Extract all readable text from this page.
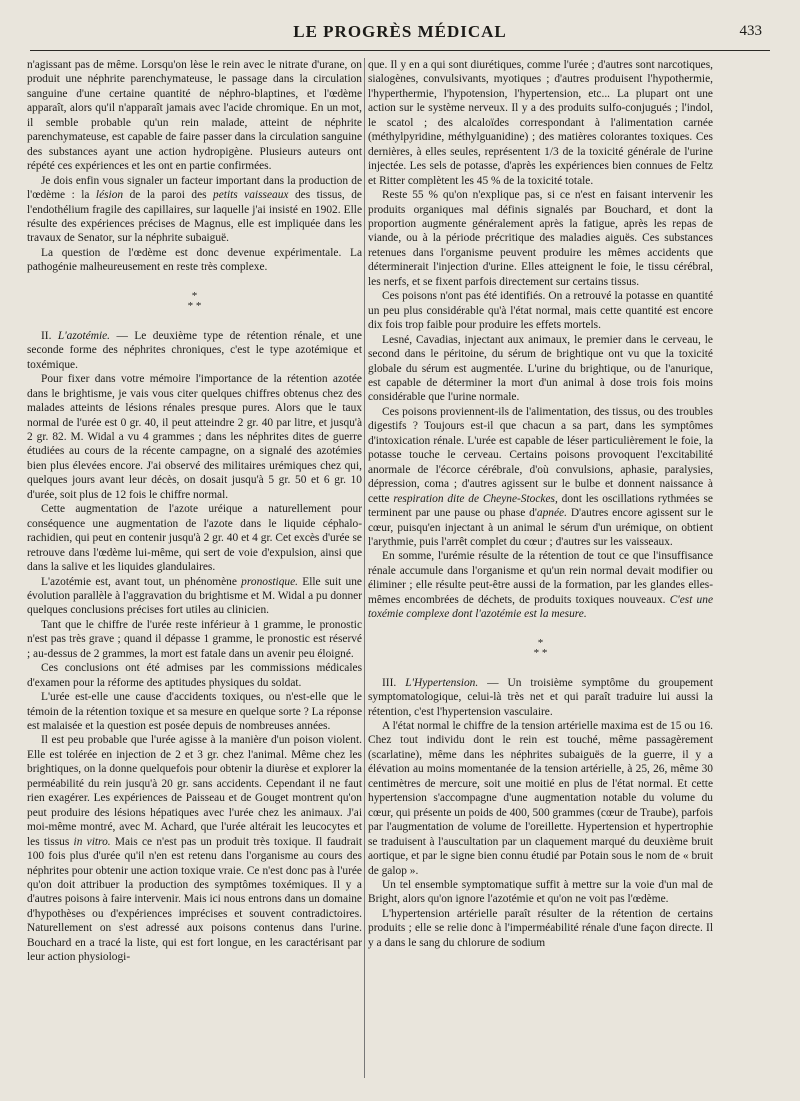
LE PROGRÈS MÉDICAL	433

n'agissant pas de même. Lorsqu'on lèse le rein avec le nitrate d'urane, on produit une néphrite parenchymateuse, le passage dans la circulation sanguine d'une certaine quantité de néphro-blaptines, et l'œdème apparaît, alors qu'il n'apparaît jamais avec l'acide chromique. En un mot, il semble probable qu'un rein malade, atteint de néphrite parenchymateuse, est capable de faire passer dans la circulation sanguine des substances ayant une action hydropigène. Plusieurs auteurs ont répété ces expériences et les ont en partie confirmées.

Je dois enfin vous signaler un facteur important dans la production de l'œdème : la lésion de la paroi des petits vaisseaux des tissus, de l'endothélium fragile des capillaires, sur laquelle j'ai insisté en 1902. Elle résulte des expériences précises de Magnus, elle est impliquée dans les travaux de Senator, sur la néphrite subaiguë.

La question de l'œdème est donc devenue expérimentale. La pathogénie malheureusement en reste très complexe.

*
* *

II. L'azotémie. — Le deuxième type de rétention rénale, et une seconde forme des néphrites chroniques, c'est le type azotémique et toxémique.

Pour fixer dans votre mémoire l'importance de la rétention azotée dans le brightisme, je vais vous citer quelques chiffres obtenus chez des malades atteints de lésions rénales presque pures. Alors que le taux normal de l'urée est 0 gr. 40, il peut atteindre 2 gr. 40 par litre, et jusqu'à 2 gr. 82. M. Widal a vu 4 grammes ; dans les néphrites dites de guerre étudiées au cours de la récente campagne, on a signalé des azotémies bien plus élevées encore. J'ai observé des militaires urémiques chez qui, quelques jours avant leur décès, on dosait jusqu'à 5 gr. 50 et 6 gr. 10 d'urée, soit plus de 12 fois le chiffre normal.

Cette augmentation de l'azote uréique a naturellement pour conséquence une augmentation de l'azote dans le liquide céphalo-rachidien, qui peut en contenir jusqu'à 2 gr. 40 et 4 gr. Cet excès d'urée se retrouve dans l'œdème lui-même, qui sert de voie d'expulsion, ainsi que dans la salive et les liquides glandulaires.

L'azotémie est, avant tout, un phénomène pronostique. Elle suit une évolution parallèle à l'aggravation du brightisme et M. Widal a pu donner quelques conclusions précises fort utiles au clinicien.

Tant que le chiffre de l'urée reste inférieur à 1 gramme, le pronostic n'est pas très grave ; quand il dépasse 1 gramme, le pronostic est réservé ; au-dessus de 2 grammes, la mort est fatale dans un avenir peu éloigné.

Ces conclusions ont été admises par les commissions médicales d'examen pour la réforme des aptitudes physiques du soldat.

L'urée est-elle une cause d'accidents toxiques, ou n'est-elle que le témoin de la rétention toxique et sa mesure en quelque sorte ? La réponse est malaisée et la question est posée depuis de nombreuses années.

Il est peu probable que l'urée agisse à la manière d'un poison violent. Elle est tolérée en injection de 2 et 3 gr. chez l'animal. Même chez les brightiques, on la donne quelquefois pour obtenir la diurèse et explorer la perméabilité du rein jusqu'à 20 gr. sans accidents. Cependant il ne faut rien exagérer. Les expériences de Paisseau et de Gouget montrent qu'on peut produire des lésions hépatiques avec l'urée chez les animaux. J'ai moi-même montré, avec M. Achard, que l'urée altérait les leucocytes et les tissus in vitro. Mais ce n'est pas un produit très toxique. Il faudrait 100 fois plus d'urée qu'il n'en est retenu dans l'organisme au cours des néphrites pour obtenir une action toxique vraie. Ce n'est donc pas à l'urée qu'on doit attribuer la production des symptômes toxémiques. Il y a d'autres poisons à faire intervenir. Mais ici nous entrons dans un domaine d'hypothèses ou d'expériences imprécises et souvent contradictoires. Naturellement on s'est adressé aux poisons contenus dans l'urine. Bouchard en a tracé la liste, qui est fort longue, en les caractérisant par leur action physiologi-

que. Il y en a qui sont diurétiques, comme l'urée ; d'autres sont narcotiques, sialogènes, convulsivants, myotiques ; d'autres produisent l'hypothermie, l'hyperthermie, l'hypotension, l'hypertension, etc... La plupart ont une action sur le système nerveux. Il y a des produits sulfo-conjugués ; l'indol, le scatol ; des alcaloïdes correspondant à l'alimentation carnée (méthylpyridine, méthylguanidine) ; des matières colorantes toxiques. Ces dernières, à elles seules, représentent 1/3 de la toxicité générale de l'urine injectée. Les sels de potasse, d'après les expériences bien connues de Feltz et Ritter complètent les 45 % de la toxicité totale.

Reste 55 % qu'on n'explique pas, si ce n'est en faisant intervenir les produits organiques mal définis signalés par Bouchard, et dont la proportion augmente généralement après la fatigue, après les repas de viande, ou à la période précritique des maladies aiguës. Ces substances retenues dans l'organisme peuvent produire les mêmes accidents que déterminerait l'injection d'urine. Elles atteignent le foie, le tissu cérébral, les nerfs, et se fixent parfois directement sur certains tissus.

Ces poisons n'ont pas été identifiés. On a retrouvé la potasse en quantité un peu plus considérable qu'à l'état normal, mais cette quantité est encore dix fois trop faible pour produire les effets mortels.

Lesné, Cavadias, injectant aux animaux, le premier dans le cerveau, le second dans le péritoine, du sérum de brightique ont vu que la toxicité globale du sérum est augmentée. L'urine du brightique, ou de l'anurique, est capable de déterminer la mort d'un animal à dose trois fois moins considérable que l'urine normale.

Ces poisons proviennent-ils de l'alimentation, des tissus, ou des troubles digestifs ? Toujours est-il que chacun a sa part, dans les symptômes d'intoxication rénale. L'urée est capable de léser particulièrement le foie, la potasse touche le cerveau. Certains poisons provoquent l'excitabilité anormale de l'écorce cérébrale, d'où convulsions, aphasie, paralysies, dépression, coma ; d'autres agissent sur le bulbe et donnent naissance à cette respiration dite de Cheyne-Stockes, dont les oscillations rythmées se terminent par une pause ou phase d'apnée. D'autres encore agissent sur le cœur, puisqu'en injectant à un animal le sérum d'un urémique, on obtient l'arythmie, puis l'arrêt complet du cœur ; d'autres sur les vaisseaux.

En somme, l'urémie résulte de la rétention de tout ce que l'insuffisance rénale accumule dans l'organisme et qu'un rein normal devait modifier ou éliminer ; elle résulte peut-être aussi de la formation, par les glandes elles-mêmes encombrées de déchets, de produits toxiques nouveaux. C'est une toxémie complexe dont l'azotémie est la mesure.

*
* *

III. L'Hypertension. — Un troisième symptôme du groupement symptomatologique, celui-là très net et qui paraît traduire lui aussi la rétention, c'est l'hypertension vasculaire.

A l'état normal le chiffre de la tension artérielle maxima est de 15 ou 16. Chez tout individu dont le rein est touché, même passagèrement (scarlatine), même dans les néphrites subaiguës de la guerre, il y a élévation au moins momentanée de la tension artérielle, à 25, 26, même 30 centimètres de mercure, soit une moitié en plus de l'état normal. Et cette hypertension s'accompagne d'une augmentation notable du volume du cœur, qui présente un poids de 400, 500 grammes (cœur de Traube), parfois par l'augmentation de volume de l'oreillette. Hypertension et hypertrophie se traduisent à l'auscultation par un claquement marqué du deuxième bruit aortique, et par le signe bien connu étudié par Potain sous le nom de « bruit de galop ».

Un tel ensemble symptomatique suffit à mettre sur la voie d'un mal de Bright, alors qu'on ignore l'azotémie et qu'on ne voit pas l'œdème.

L'hypertension artérielle paraît résulter de la rétention de certains produits ; elle se relie donc à l'imperméabilité rénale d'une façon directe. Il y a dans le sang du chlorure de sodium
